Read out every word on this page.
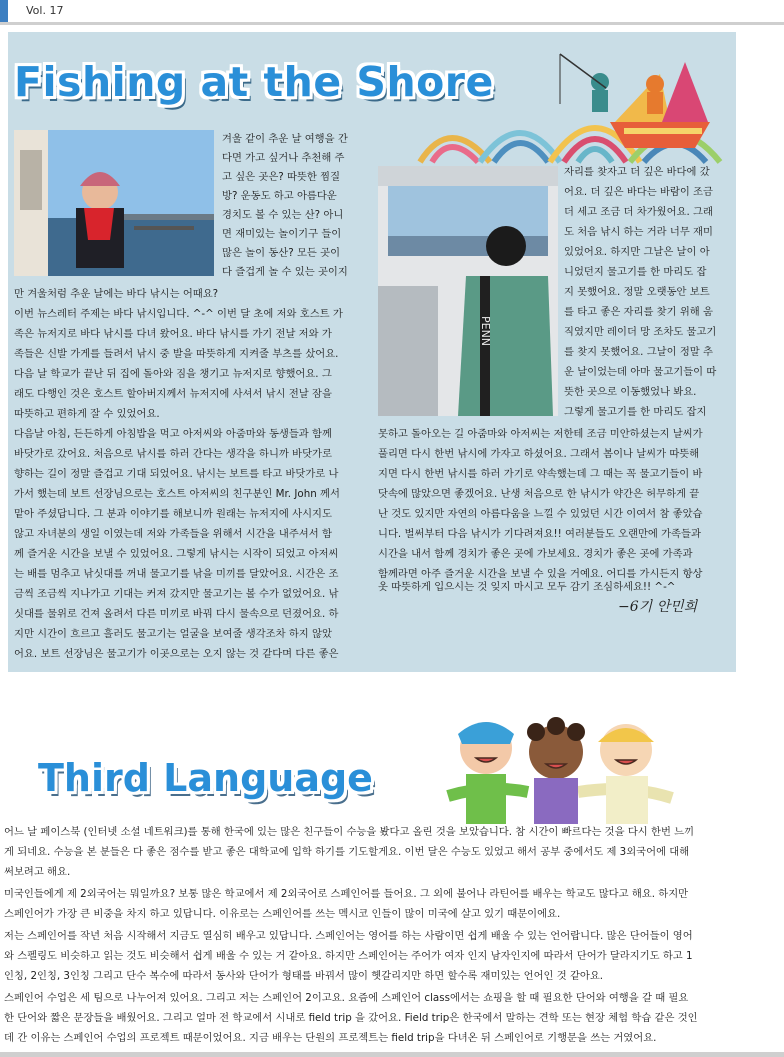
Vol. 17
Fishing at the Shore
PENN
겨울 같이 추운 날 여행을 간
다면 가고 싶거나 추천해 주
고 싶은 곳은? 따뜻한 찜질
방? 운동도 하고 아름다운
경치도 볼 수 있는 산? 아니
면 재미있는 놀이기구 들이
많은 놀이 동산? 모든 곳이
다 즐겁게 놀 수 있는 곳이지
만 겨울처럼 추운 날에는 바다 낚시는 어때요?
이번 뉴스레터 주제는 바다 낚시입니다. ^-^ 이번 달 초에 저와 호스트 가
족은 뉴저지로 바다 낚시를 다녀 왔어요. 바다 낚시를 가기 전날 저와 가
족들은 신발 가게를 들려서 낚시 중 발을 따뜻하게 지켜줄 부츠를 샀어요.
다음 날 학교가 끝난 뒤 집에 돌아와 짐을 챙기고 뉴저지로 향했어요. 그
래도 다행인 것은 호스트 할아버지께서 뉴저지에 사셔서 낚시 전날 잠을
따뜻하고 편하게 잘 수 있었어요.
다음날 아침, 든든하게 아침밥을 먹고 아저씨와 아줌마와 동생들과 함께
바닷가로 갔어요. 처음으로 낚시를 하러 간다는 생각을 하니까 바닷가로
향하는 길이 정말 즐겁고 기대 되었어요. 낚시는 보트를 타고 바닷가로 나
가서 했는데 보트 선장님으로는 호스트 아저씨의 친구분인 Mr. John 께서
맡아 주셨답니다. 그 분과 이야기를 해보니까 원래는 뉴저지에 사시지도
않고 자녀분의 생일 이였는데 저와 가족들을 위해서 시간을 내주셔서 함
께 즐거운 시간을 보낼 수 있었어요. 그렇게 낚시는 시작이 되었고 아저씨
는 배를 멈추고 낚싯대를 꺼내 물고기를 낚을 미끼를 달았어요. 시간은 조
금씩 조금씩 지나가고 기대는 커져 갔지만 물고기는 볼 수가 없었어요. 낚
싯대를 물위로 건져 올려서 다른 미끼로 바꿔 다시 물속으로 던졌어요. 하
지만 시간이 흐르고 흘러도 물고기는 얼굴을 보여줄 생각조차 하지 않았
어요. 보트 선장님은 물고기가 이곳으로는 오지 않는 것 같다며 다른 좋은
자리를 찾자고 더 깊은 바다에 갔
어요. 더 깊은 바다는 바람이 조금
더 세고 조금 더 차가웠어요. 그래
도 처음 낚시 하는 거라 너무 재미
있었어요. 하지만 그날은 날이 아
니었던지 물고기를 한 마리도 잡
지 못했어요. 정말 오랫동안 보트
를 타고 좋은 자리를 찾기 위해 움
직였지만 레이더 망 조차도 물고기
를 찾지 못했어요. 그날이 정말 추
운 날이었는데 아마 물고기들이 따
뜻한 곳으로 이동했었나 봐요.
그렇게 물고기를 한 마리도 잡지
못하고 돌아오는 길 아줌마와 아저씨는 저한테 조금 미안하셨는지 날씨가
풀리면 다시 한번 낚시에 가자고 하셨어요. 그래서 봄이나 날씨가 따뜻해
지면 다시 한번 낚시를 하러 가기로 약속했는데 그 때는 꼭 물고기들이 바
닷속에 많았으면 좋겠어요. 난생 처음으로 한 낚시가 약간은 허무하게 끝
난 것도 있지만 자연의 아름다움을 느낄 수 있었던 시간 이여서 참 좋았습
니다. 벌써부터 다음 낚시가 기다려져요!! 여러분들도 오랜만에 가족들과
시간을 내서 함께 경치가 좋은 곳에 가보세요. 경치가 좋은 곳에 가족과
함께라면 아주 즐거운 시간을 보낼 수 있을 거예요. 어디를 가시든지 항상
옷 따뜻하게 입으시는 것 잊지 마시고 모두 감기 조심하세요!! ^-^
−6기 안민희
Third Language
어느 날 페이스북 (인터넷 소셜 네트워크)를 통해 한국에 있는 많은 친구들이 수능을 봤다고 올린 것을 보았습니다. 참 시간이 빠르다는 것을 다시 한번 느끼
게 되네요. 수능을 본 분들은 다 좋은 점수를 받고 좋은 대학교에 입학 하기를 기도할게요. 이번 달은 수능도 있었고 해서 공부 중에서도 제 3외국어에 대해
써보려고 해요.
미국인들에게 제 2외국어는 뭐일까요? 보통 많은 학교에서 제 2외국어로 스페인어를 들어요. 그 외에 불어나 라틴어를 배우는 학교도 많다고 해요. 하지만
스페인어가 가장 큰 비중을 차지 하고 있답니다. 이유로는 스페인어를 쓰는 멕시코 인들이 많이 미국에 살고 있기 때문이에요.
저는 스페인어를 작년 처음 시작해서 지금도 열심히 배우고 있답니다. 스페인어는 영어를 하는 사람이면 쉽게 배울 수 있는 언어랍니다. 많은 단어들이 영어
와 스펠링도 비슷하고 읽는 것도 비슷해서 쉽게 배울 수 있는 거 같아요. 하지만 스페인어는 주어가 여자 인지 남자인지에 따라서 단어가 달라지기도 하고 1
인칭, 2인칭, 3인칭 그리고 단수 복수에 따라서 동사와 단어가 형태를 바꿔서 많이 헷갈리지만 하면 할수록 재미있는 언어인 것 같아요.
스페인어 수업은 세 팀으로 나누어져 있어요. 그리고 저는 스페인어 2이고요. 요즘에 스페인어 class에서는 쇼핑을 할 때 필요한 단어와 여행을 갈 때 필요
한 단어와 짧은 문장들을 배웠어요. 그리고 얼마 전 학교에서 시내로 field trip 을 갔어요. Field trip은 한국에서 말하는 견학 또는 현장 체험 학습 같은 것인
데 간 이유는 스페인어 수업의 프로젝트 때문이었어요. 지금 배우는 단원의 프로젝트는 field trip을 다녀온 뒤 스페인어로 기행문을 쓰는 거였어요.
